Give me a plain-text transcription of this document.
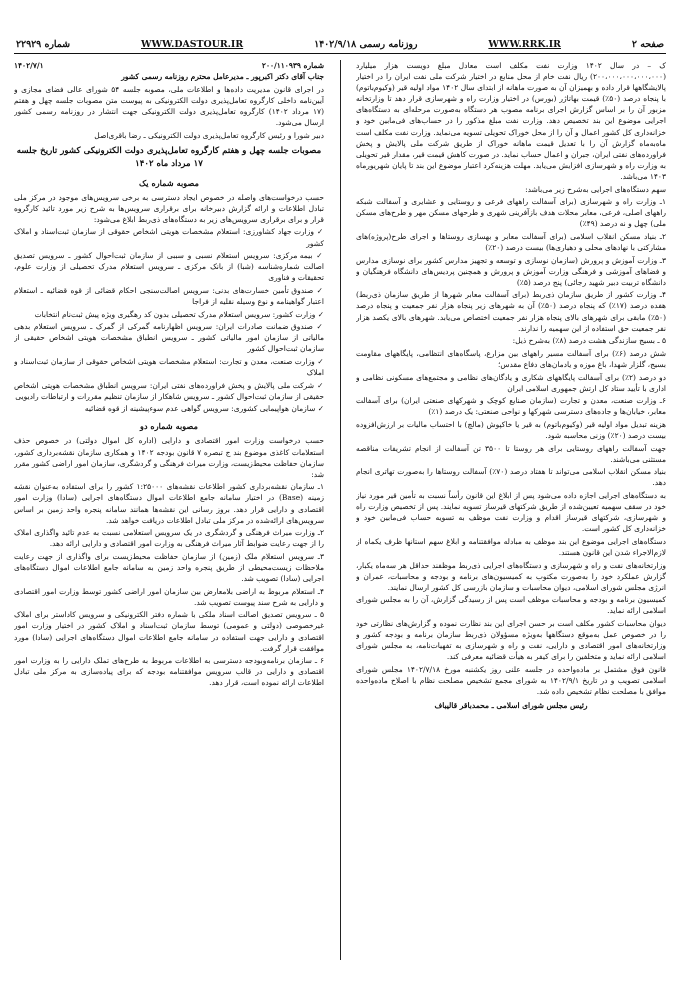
صفحه ۲
WWW.RRK.IR
روزنامه رسمی ۱۴۰۲/۹/۱۸
WWW.DASTOUR.IR
شماره ۲۲۹۲۹

ک – در سال ۱۴۰۲ وزارت نفت مکلف است معادل مبلغ دویست هزار میلیارد (۲۰۰،۰۰۰،۰۰۰،۰۰۰،۰۰۰) ریال نفت خام از محل منابع در اختیار شرکت ملی نفت ایران را در اختیار پالایشگاهها قرار داده و بهمیزان آن به صورت ماهانه از ابتدای سال ۱۴۰۲ مواد اولیه قیر (وکیوم‌باتوم) با پنجاه درصد (۵۰٪) قیمت بهاتاژر (بورس) در اختیار وزارت راه و شهرسازی قرار دهد تا وزارتخانه مزبور آن را بر اساس گزارش اجرای برنامه مصوب هر دستگاه به‌صورت مرحله‌ای به دستگاه‌های اجرایی موضوع این بند تخصیص دهد. وزارت نفت مبلغ مذکور را در حساب‌های فی‌مابین خود و خزانه‌داری کل کشور اعمال و آن را از محل خوراک تحویلی تسویه می‌نماید. وزارت نفت مکلف است ماه‌به‌ماه گزارش آن را با تعدیل قیمت ماهانه خوراک از طریق شرکت ملی پالایش و پخش فراورده‌های نفتی ایران، جبران و اعمال حساب نماید. در صورت کاهش قیمت قیر، مقدار قیر تحویلی به وزارت راه و شهرسازی افزایش می‌یابد. مهلت هزینه‌کرد اعتبار موضوع این بند تا پایان شهریورماه ۱۴۰۳ می‌باشد.

سهم دستگاه‌های اجرایی به‌شرح زیر می‌باشد:

۱ـ وزارت راه و شهرسازی (برای آسفالت راههای فرعی و روستایی و عشایری و آسفالت شبکه راههای اصلی، فرعی، معابر محلات هدف بازآفرینی شهری و طرحهای مسکن مهر و طرح‌های مسکن ملی) چهل و نه درصد (۴۹٪)

۲ـ بنیاد مسکن انقلاب اسلامی (برای آسفالت معابر و بهسازی روستاها و اجرای طرح(پروژه)های مشارکتی با نهادهای محلی و دهیاری‌ها) بیست درصد (۲۰٪)

۳ـ وزارت آموزش و پرورش (سازمان نوسازی و توسعه و تجهیز مدارس کشور برای نوسازی مدارس و فضاهای آموزشی و فرهنگی وزارت آموزش و پرورش و همچنین پردیس‌های دانشگاه فرهنگیان و دانشگاه تربیت دبیر شهید رجائی) پنج درصد (۵٪)

۴ـ وزارت کشور از طریق سازمان ذی‌ربط (برای آسفالت معابر شهرها از طریق سازمان ذی‌ربط) هفده درصد (۱۷٪) که پنجاه درصد (۵۰٪) آن به شهرهای زیر پنجاه هزار نفر جمعیت و پنجاه درصد (۵۰٪) مابقی برای شهرهای بالای پنجاه هزار نفر جمعیت اختصاص می‌یابد. شهرهای بالای یکصد هزار نفر جمعیت حق استفاده از این سهمیه را ندارند.

۵ ـ بسیج سازندگی هشت درصد (۸٪) به‌شرح ذیل:

شش درصد (۶٪) برای آسفالت مسیر راههای بین مزارع، پاسگاه‌های انتظامی، پایگاههای مقاومت بسیج، گلزار شهدا، باغ موزه و یادمان‌های دفاع مقدس؛

دو درصد (۲٪) برای آسفالت پایگاههای شکاری و یادگان‌های نظامی و مجتمع‌های مسکونی نظامی و اداری با تأیید ستاد کل ارتش جمهوری اسلامی ایران

۶ـ وزارت صنعت، معدن و تجارت (سازمان صنایع کوچک و شهرکهای صنعتی ایران) برای آسفالت معابر، خیابان‌ها و جاده‌های دسترسی شهرکها و نواحی صنعتی: یک درصد (۱٪)

هزینه تبدیل مواد اولیه قیر (وکیوم‌باتوم) به قیر یا خاکپوش (مالچ) با احتساب مالیات بر ارزش‌افزوده بیست درصد (۲۰٪) وزنی محاسبه شود.

جهت آسفالت راههای روستایی برای هر روستا تا ۳۵۰۰ تن آسفالت از انجام تشریفات مناقصه مستثنی می‌باشند.

بنیاد مسکن انقلاب اسلامی می‌تواند تا هفتاد درصد (۷۰٪) آسفالت روستاها را به‌صورت تهاتری انجام دهد.

به دستگاه‌های اجرایی اجازه داده می‌شود پس از ابلاغ این قانون رأساً نسبت به تأمین قیر مورد نیاز خود در سقف سهمیه تعیین‌شده از طریق شرکتهای قیرساز تسویه نمایند. پس از تخصیص وزارت راه و شهرسازی، شرکتهای قیرساز اقدام و وزارت نفت موظف به تسویه حساب فی‌مابین خود و خزانه‌داری کل کشور است.

دستگاه‌های اجرایی موضوع این بند موظف به مبادله موافقتنامه و ابلاغ سهم استانها ظرف یکماه از لازم‌الاجراء شدن این قانون هستند.

وزارتخانه‌های نفت و راه و شهرسازی و دستگاه‌های اجرایی ذی‌ربط موظفند حداقل هر سه‌ماه یکبار، گزارش عملکرد خود را به‌صورت مکتوب به کمیسیون‌های برنامه و بودجه و محاسبات، عمران و انرژی مجلس شورای اسلامی، دیوان محاسبات و سازمان بازرسی کل کشور ارسال نمایند.

کمیسیون برنامه و بودجه و محاسبات موظف است پس از رسیدگی گزارش، آن را به مجلس شورای اسلامی ارائه نماید.

دیوان محاسبات کشور مکلف است بر حسن اجرای این بند نظارت نموده و گزارش‌های نظارتی خود را در خصوص عمل به‌موقع دستگاهها به‌ویژه مسؤولان ذی‌ربط سازمان برنامه و بودجه کشور و وزارتخانه‌های امور اقتصادی و دارایی، نفت و راه و شهرسازی به تفهیات‌نامه، به مجلس شورای اسلامی ارائه نماید و متخلفین را برای کیفر به هیأت قضائیه معرفی کند.

قانون فوق مشتمل بر ماده‌واحده در جلسه علنی روز یکشنبه مورخ ۱۴۰۲/۷/۱۸ مجلس شورای اسلامی تصویب و در تاریخ ۱۴۰۲/۹/۱ به شورای مجمع تشخیص مصلحت نظام با اصلاح ماده‌واحده موافق با مصلحت نظام تشخیص داده شد.

رئیس مجلس شورای اسلامی ـ محمدباقر قالیباف

شماره ۲۰۰/۱۱۰۹۳۹
۱۴۰۲/۷/۱

جناب آقای دکتر اکبرپور ـ مدیرعامل محترم روزنامه رسمی کشور

در اجرای قانون مدیریت داده‌ها و اطلاعات ملی، مصوبه جلسه ۵۴ شورای عالی فضای مجازی و آیین‌نامه داخلی کارگروه تعامل‌پذیری دولت الکترونیکی به پیوست متن مصوبات جلسه چهل و هفتم (۱۷ مرداد ۱۴۰۲) کارگروه تعامل‌پذیری دولت الکترونیکی جهت انتشار در روزنامه رسمی کشور ارسال می‌شود.

دبیر شورا و رئیس کارگروه تعامل‌پذیری دولت الکترونیکی ـ رضا باقری‌اصل

مصوبات جلسه چهل و هفتم کارگروه تعامل‌پذیری دولت الکترونیکی کشور تاریخ جلسه ۱۷ مرداد ماه ۱۴۰۲
مصوبه شماره یک

حسب درخواست‌های واصله در خصوص ایجاد دسترسی به برخی سرویس‌های موجود در مرکز ملی تبادل اطلاعات و ارائه گزارش دبیرخانه برای برقراری سرویس‌ها به شرح زیر مورد تائید کارگروه قرار و برای برقراری سرویس‌های زیر به دستگاه‌های ذی‌ربط ابلاغ می‌شود:

✓ وزارت جهاد کشاورزی: استعلام مشخصات هویتی اشخاص حقوقی از سازمان ثبت‌اسناد و املاک کشور

✓ بیمه مرکزی: سرویس استعلام نسبی و سببی از سازمان ثبت‌احوال کشور ـ سرویس تصدیق اصالت شماره‌شناسه (شبا) از بانک مرکزی ـ سرویس استعلام مدرک تحصیلی از وزارت علوم، تحقیقات و فناوری

✓ صندوق تأمین خسارت‌های بدنی: سرویس اصالت‌سنجی احکام قضائی از قوه قضائیه ـ استعلام اعتبار گواهینامه و نوع وسیله نقلیه از فراجا

✓ وزارت کشور: سرویس استعلام مدرک تحصیلی بدون کد رهگیری ویژه پیش ثبت‌نام انتخابات

✓ صندوق ضمانت صادرات ایران: سرویس اظهارنامه گمرکی از گمرک ـ سرویس استعلام بدهی مالیاتی از سازمان امور مالیاتی کشور ـ سرویس انطباق مشخصات هویتی اشخاص حقیقی از سازمان ثبت‌احوال کشور

✓ وزارت صنعت، معدن و تجارت: استعلام مشخصات هویتی اشخاص حقوقی از سازمان ثبت‌اسناد و املاک

✓ شرکت ملی پالایش و پخش فراورده‌های نفتی ایران: سرویس انطباق مشخصات هویتی اشخاص حقیقی از سازمان ثبت‌احوال کشور ـ سرویس شاهکار از سازمان تنظیم مقررات و ارتباطات رادیویی

✓ سازمان هواپیمایی کشوری: سرویس گواهی عدم سوءپیشینه از قوه قضائیه

مصوبه شماره دو

حسب درخواست وزارت امور اقتصادی و دارایی (اداره کل اموال دولتی) در خصوص حذف استعلامات کاغذی موضوع بند ج تبصره ۷ قانون بودجه ۱۴۰۲ و همکاری سازمان نقشه‌برداری کشور، سازمان حفاظت محیط‌زیست، وزارت میراث فرهنگی و گردشگری، سازمان امور اراضی کشور مقرر شد:

۱ـ سازمان نقشه‌برداری کشور اطلاعات نقشه‌های ۱:۲۵۰۰۰ کشور را برای استفاده به‌عنوان نقشه زمینه (Base) در اختیار سامانه جامع اطلاعات اموال دستگاه‌های اجرایی (سادا) وزارت امور اقتصادی و دارایی قرار دهد. بروز رسانی این نقشه‌ها همانند سامانه پنجره واحد زمین بر اساس سرویس‌های ارائه‌شده در مرکز ملی تبادل اطلاعات دریافت خواهد شد.

۲ـ وزارت میراث فرهنگی و گردشگری در یک سرویس استعلامی نسبت به عدم تائید واگذاری املاک را از جهت رعایت ضوابط آثار میراث فرهنگی به وزارت امور اقتصادی و دارایی ارائه دهد.

۳ـ سرویس استعلام ملک (زمین) از سازمان حفاظت محیط‌زیست برای واگذاری از جهت رعایت ملاحظات زیست‌محیطی از طریق پنجره واحد زمین به سامانه جامع اطلاعات اموال دستگاه‌های اجرایی (سادا) تصویب شد.

۴ـ استعلام مربوط به اراضی بلامعارض بین سازمان امور اراضی کشور توسط وزارت امور اقتصادی و دارایی به شرح سند پیوست تصویب شد.

۵ ـ سرویس تصدیق اصالت اسناد ملکی با شماره دفتر الکترونیکی و سرویس کاداستر برای املاک غیرخصوصی (دولتی و عمومی) توسط سازمان ثبت‌اسناد و املاک کشور در اختیار وزارت امور اقتصادی و دارایی جهت استفاده در سامانه جامع اطلاعات اموال دستگاه‌های اجرایی (سادا) مورد موافقت قرار گرفت.

۶ ـ سازمان برنامه‌وبودجه دسترسی به اطلاعات مربوط به طرح‌های تملک دارایی را به وزارت امور اقتصادی و دارایی در قالب سرویس موافقتنامه بودجه که برای پیاده‌سازی به مرکز ملی تبادل اطلاعات ارائه نموده است، قرار دهد.
